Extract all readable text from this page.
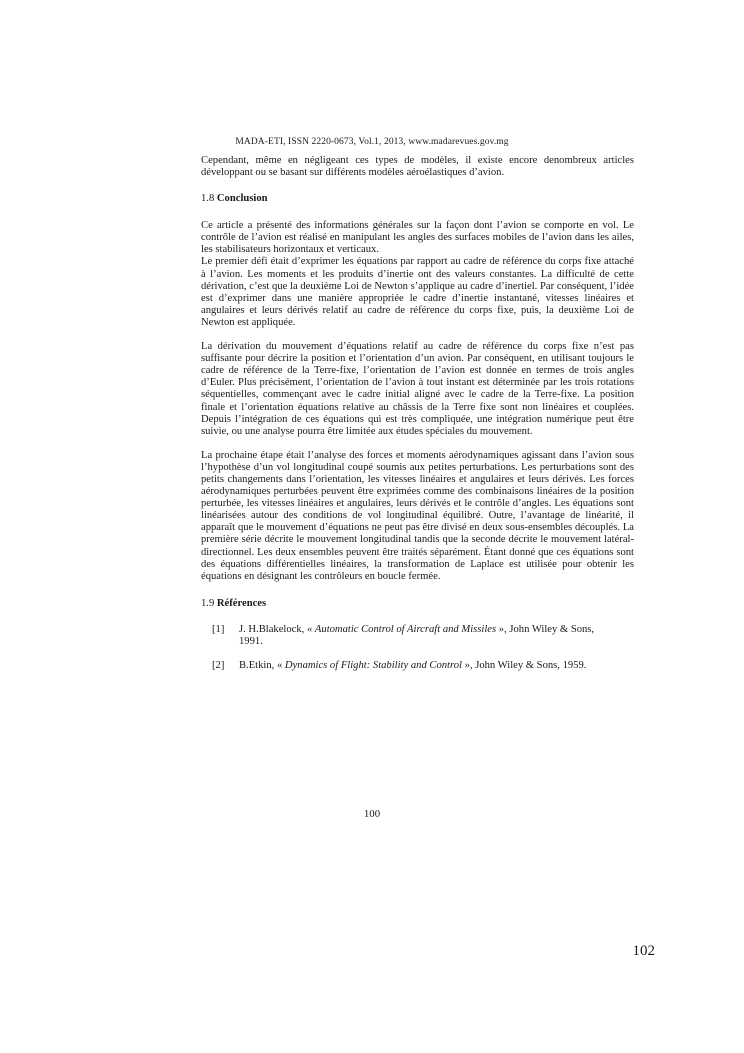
MADA-ETI, ISSN 2220-0673, Vol.1, 2013, www.madarevues.gov.mg

Cependant, même en négligeant ces types de modèles, il existe encore denombreux articles développant ou se basant sur différents modèles aéroélastiques d’avion.

1.8 Conclusion

Ce article a présenté des informations générales sur la façon dont l’avion se comporte en vol. Le contrôle de l’avion est réalisé en manipulant les angles des surfaces mobiles de l’avion dans les ailes, les stabilisateurs horizontaux et verticaux.

Le premier défi était d’exprimer les équations par rapport au cadre de référence du corps fixe attaché à l’avion. Les moments et les produits d’inertie ont des valeurs constantes. La difficulté de cette dérivation, c’est que la deuxième Loi de Newton s’applique au cadre d’inertiel. Par conséquent, l’idée est d’exprimer dans une manière appropriée le cadre d’inertie instantané, vitesses linéaires et angulaires et leurs dérivés relatif au cadre de référence du corps fixe, puis, la deuxième Loi de Newton est appliquée.

La dérivation du mouvement d’équations relatif au cadre de référence du corps fixe n’est pas suffisante pour décrire la position et l’orientation d’un avion. Par conséquent, en utilisant toujours le cadre de référence de la Terre-fixe, l’orientation de l’avion est donnée en termes de trois angles d’Euler. Plus précisément, l’orientation de l’avion à tout instant est déterminée par les trois rotations séquentielles, commençant avec le cadre initial aligné avec le cadre de la Terre-fixe. La position finale et l’orientation équations relative au châssis de la Terre fixe sont non linéaires et couplées. Depuis l’intégration de ces équations qui est très compliquée, une intégration numérique peut être suivie, ou une analyse pourra être limitée aux études spéciales du mouvement.

La prochaine étape était l’analyse des forces et moments aérodynamiques agissant dans l’avion sous l’hypothèse d’un vol longitudinal coupé soumis aux petites perturbations. Les perturbations sont des petits changements dans l’orientation, les vitesses linéaires et angulaires et leurs dérivés. Les forces aérodynamiques perturbées peuvent être exprimées comme des combinaisons linéaires de la position perturbée, les vitesses linéaires et angulaires, leurs dérivés et le contrôle d’angles. Les équations sont linéarisées autour des conditions de vol longitudinal équilibré. Outre, l’avantage de linéarité, il apparaît que le mouvement d’équations ne peut pas être divisé en deux sous-ensembles découplés. La première série décrite le mouvement longitudinal tandis que la seconde décrite le mouvement latéral-directionnel. Les deux ensembles peuvent être traités séparément. Étant donné que ces équations sont des équations différentielles linéaires, la transformation de Laplace est utilisée pour obtenir les équations en désignant les contrôleurs en boucle fermée.

1.9 Références

[1]	J. H.Blakelock, « Automatic Control of Aircraft and Missiles », John Wiley & Sons, 1991.
[2]	B.Etkin, « Dynamics of Flight: Stability and Control », John Wiley & Sons, 1959.
100
102
